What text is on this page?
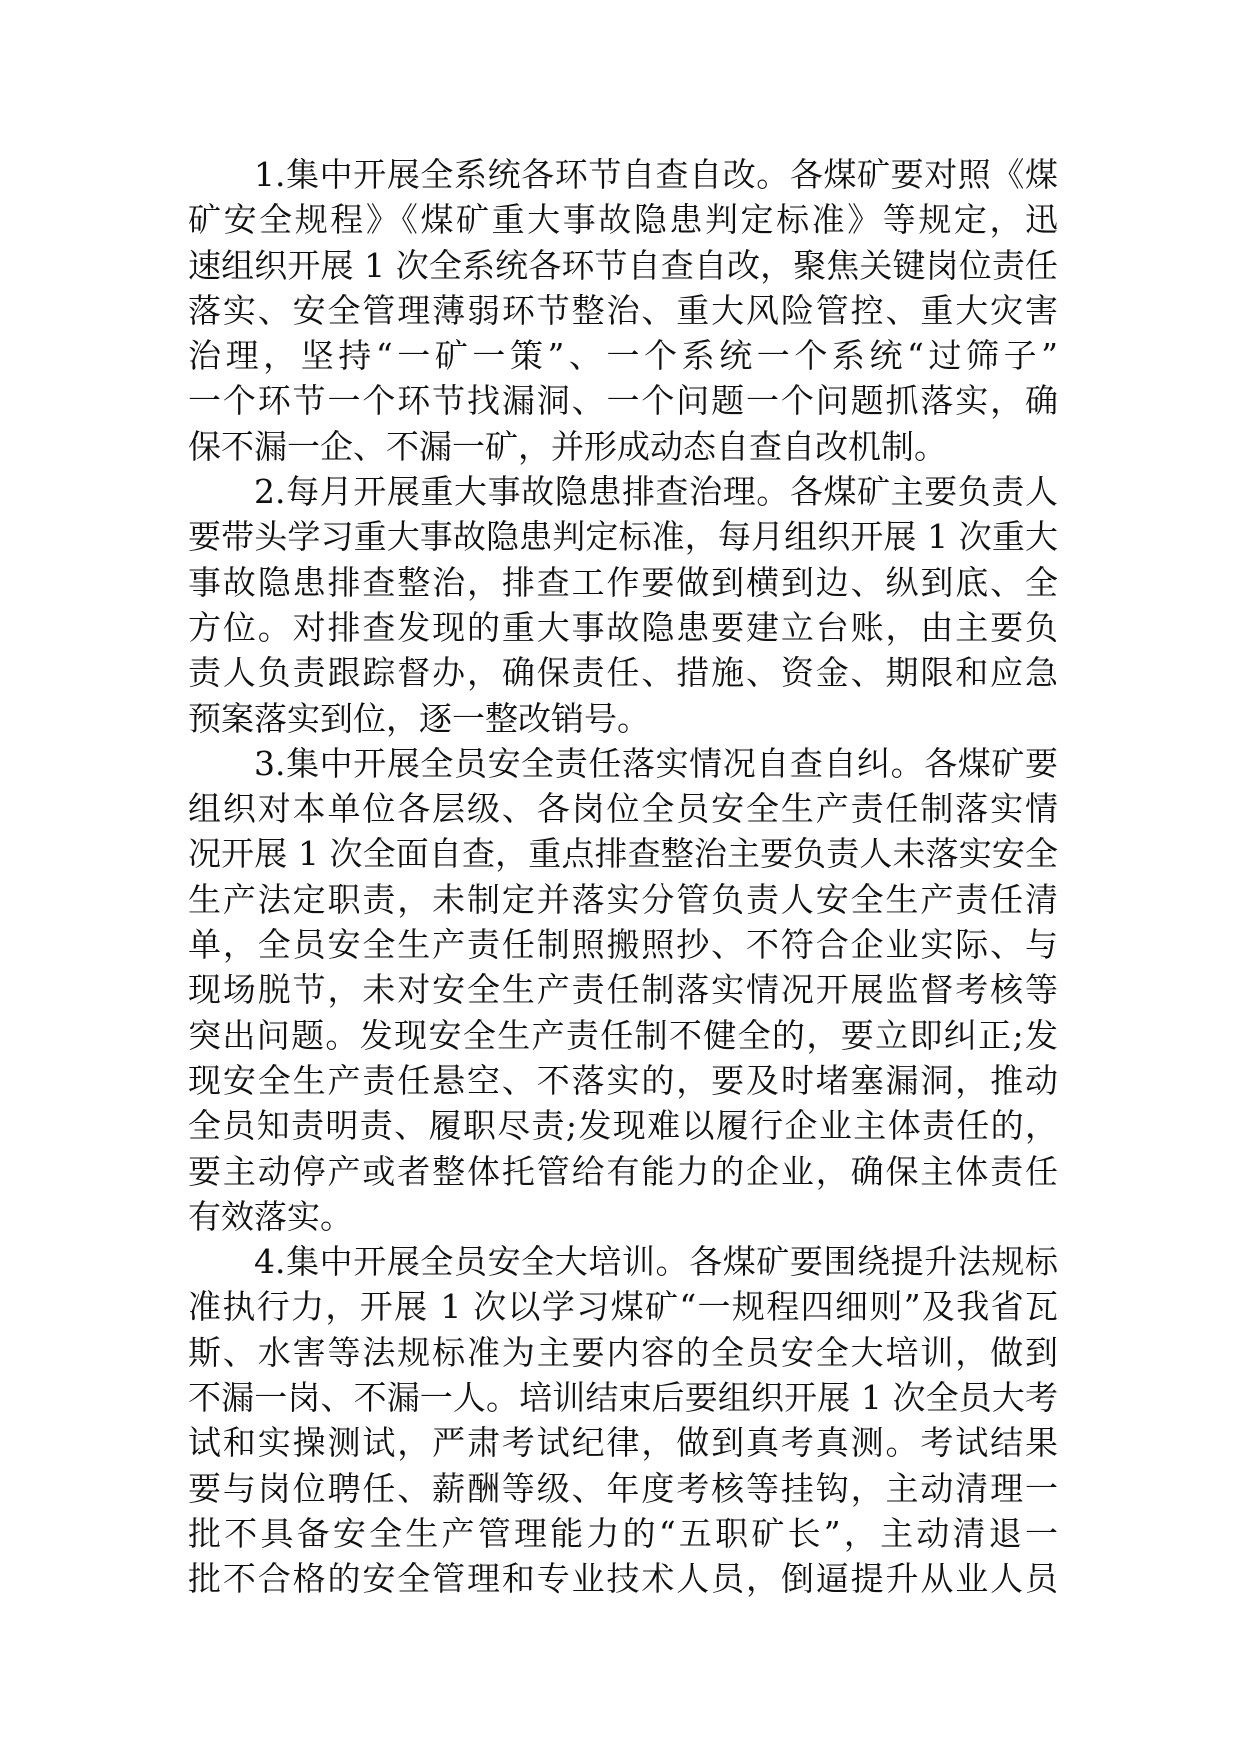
1.集中开展全系统各环节自查自改。各煤矿要对照《煤

矿安全规程》《煤矿重大事故隐患判定标准》等规定，迅

速组织开展 1 次全系统各环节自查自改，聚焦关键岗位责任

落实、安全管理薄弱环节整治、重大风险管控、重大灾害

治理，坚持“一矿一策”、一个系统一个系统“过筛子”

一个环节一个环节找漏洞、一个问题一个问题抓落实，确

保不漏一企、不漏一矿，并形成动态自查自改机制。

2.每月开展重大事故隐患排查治理。各煤矿主要负责人

要带头学习重大事故隐患判定标准，每月组织开展 1 次重大

事故隐患排查整治，排查工作要做到横到边、纵到底、全

方位。对排查发现的重大事故隐患要建立台账，由主要负

责人负责跟踪督办，确保责任、措施、资金、期限和应急

预案落实到位，逐一整改销号。

3.集中开展全员安全责任落实情况自查自纠。各煤矿要

组织对本单位各层级、各岗位全员安全生产责任制落实情

况开展 1 次全面自查，重点排查整治主要负责人未落实安全

生产法定职责，未制定并落实分管负责人安全生产责任清

单，全员安全生产责任制照搬照抄、不符合企业实际、与

现场脱节，未对安全生产责任制落实情况开展监督考核等

突出问题。发现安全生产责任制不健全的，要立即纠正;发

现安全生产责任悬空、不落实的，要及时堵塞漏洞，推动

全员知责明责、履职尽责;发现难以履行企业主体责任的，

要主动停产或者整体托管给有能力的企业，确保主体责任

有效落实。

4.集中开展全员安全大培训。各煤矿要围绕提升法规标

准执行力，开展 1 次以学习煤矿“一规程四细则”及我省瓦

斯、水害等法规标准为主要内容的全员安全大培训，做到

不漏一岗、不漏一人。培训结束后要组织开展 1 次全员大考

试和实操测试，严肃考试纪律，做到真考真测。考试结果

要与岗位聘任、薪酬等级、年度考核等挂钩，主动清理一

批不具备安全生产管理能力的“五职矿长”，主动清退一

批不合格的安全管理和专业技术人员，倒逼提升从业人员
